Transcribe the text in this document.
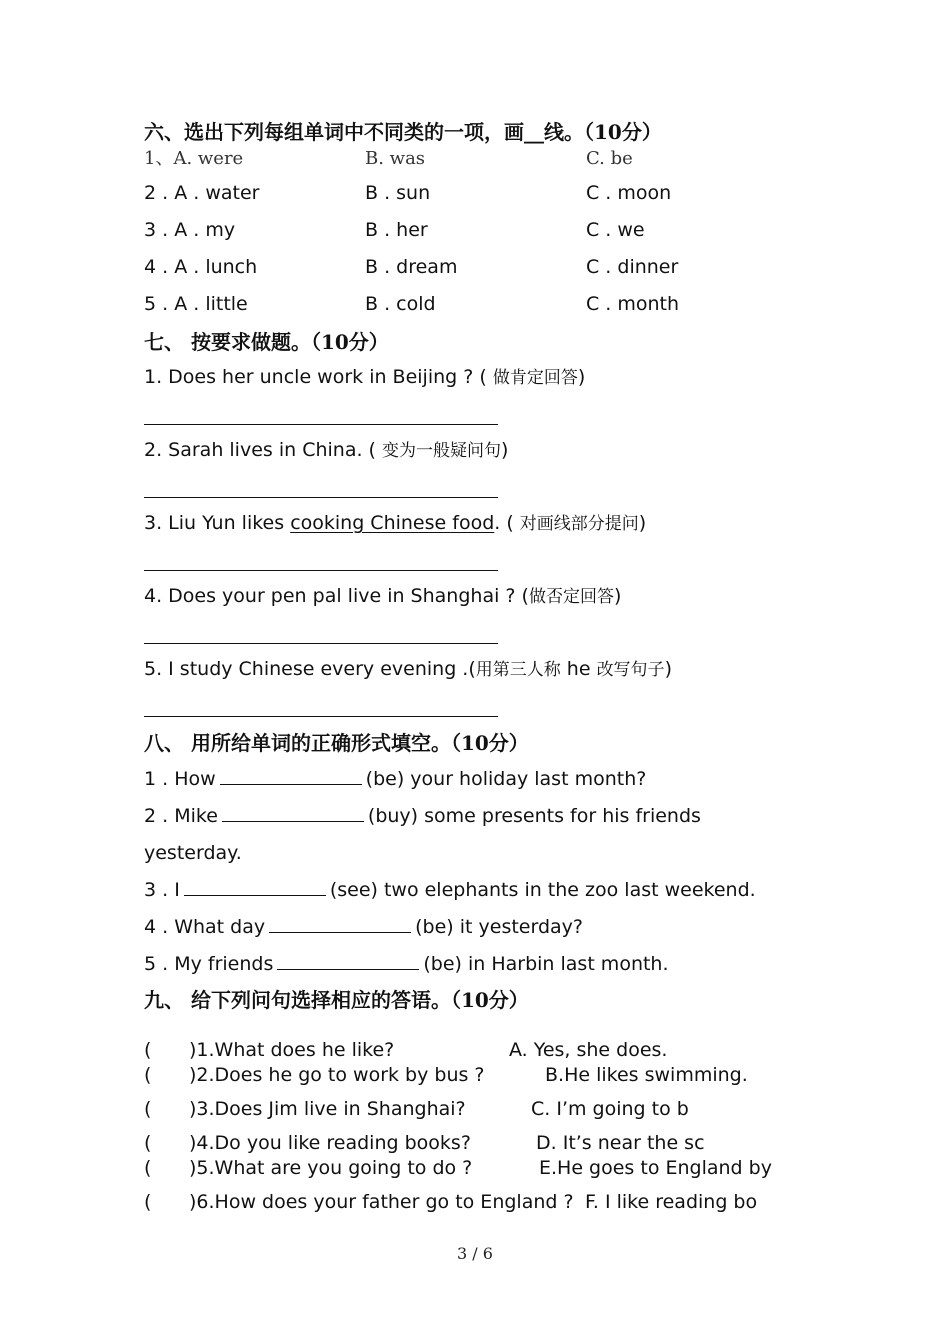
六、选出下列每组单词中不同类的一项，画__线。（10分）
1、A. were	B. was	C. be
2 . A . water	B . sun	C . moon
3 . A . my	B . her	C . we
4 . A . lunch	B . dream	C . dinner
5 . A . little	B . cold	C . month
七、 按要求做题。（10分）
1. Does her uncle work in Beijing ? ( 做肯定回答)
2. Sarah lives in China. ( 变为一般疑问句)
3. Liu Yun likes cooking Chinese food. ( 对画线部分提问)
4. Does your pen pal live in Shanghai ? (做否定回答)
5. I study Chinese every evening .(用第三人称 he 改写句子)
八、 用所给单词的正确形式填空。（10分）
1 . How	(be) your holiday last month?
2 . Mike	(buy) some presents for his friends
yesterday.
3 . I	(see) two elephants in the zoo last weekend.
4 . What day	(be) it yesterday?
5 . My friends	(be) in Harbin last month.
九、 给下列问句选择相应的答语。（10分）
( )1.What does he like?	A. Yes, she does.
( )2.Does he go to work by bus ?	B.He likes swimming.
( )3.Does Jim live in Shanghai?	C. I’m going to b
( )4.Do you like reading books?	D. It’s near the sc
( )5.What are you going to do ?	E.He goes to England by
( )6.How does your father go to England ? F. I like reading bo
3 / 6
